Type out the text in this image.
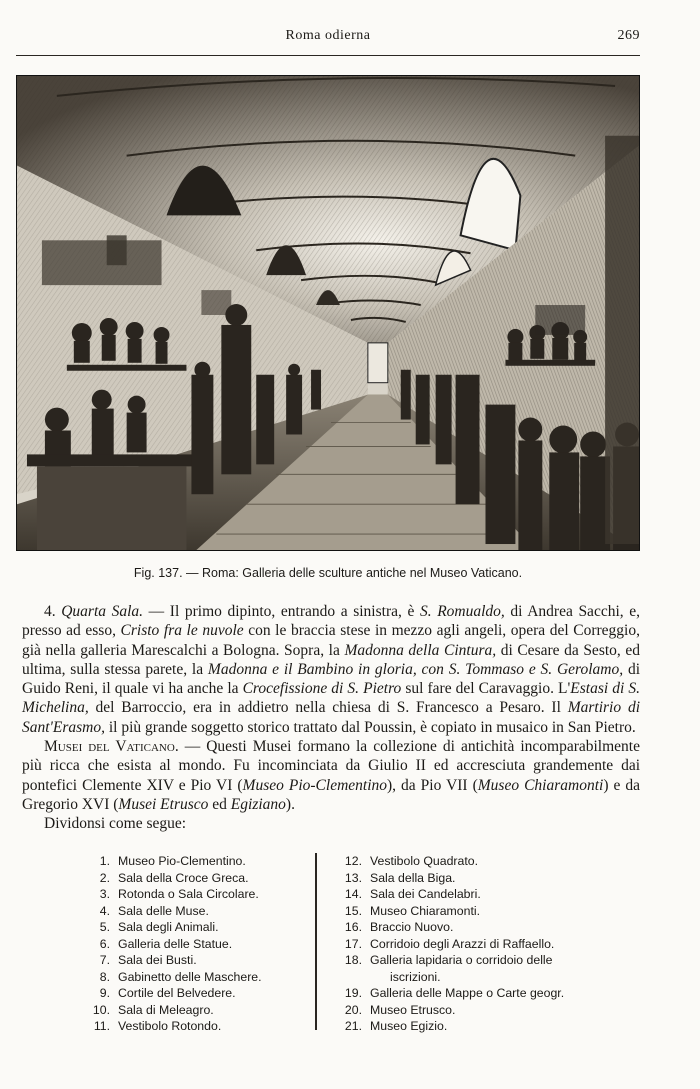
Roma odierna	269
Fig. 137. — Roma: Galleria delle sculture antiche nel Museo Vaticano.

4. Quarta Sala. — Il primo dipinto, entrando a sinistra, è S. Romualdo, di Andrea Sacchi, e, presso ad esso, Cristo fra le nuvole con le braccia stese in mezzo agli angeli, opera del Correggio, già nella galleria Marescalchi a Bologna. Sopra, la Madonna della Cintura, di Cesare da Sesto, ed ultima, sulla stessa parete, la Madonna e il Bambino in gloria, con S. Tommaso e S. Gerolamo, di Guido Reni, il quale vi ha anche la Crocefissione di S. Pietro sul fare del Caravaggio. L'Estasi di S. Michelina, del Barroccio, era in addietro nella chiesa di S. Francesco a Pesaro. Il Martirio di Sant'Erasmo, il più grande soggetto storico trattato dal Poussin, è copiato in musaico in San Pietro.

Musei del Vaticano. — Questi Musei formano la collezione di antichità incomparabilmente più ricca che esista al mondo. Fu incominciata da Giulio II ed accresciuta grandemente dai pontefici Clemente XIV e Pio VI (Museo Pio-Clementino), da Pio VII (Museo Chiaramonti) e da Gregorio XVI (Musei Etrusco ed Egiziano).

Dividonsi come segue:

1. Museo Pio-Clementino.
2. Sala della Croce Greca.
3. Rotonda o Sala Circolare.
4. Sala delle Muse.
5. Sala degli Animali.
6. Galleria delle Statue.
7. Sala dei Busti.
8. Gabinetto delle Maschere.
9. Cortile del Belvedere.
10. Sala di Meleagro.
11. Vestibolo Rotondo.
12. Vestibolo Quadrato.
13. Sala della Biga.
14. Sala dei Candelabri.
15. Museo Chiaramonti.
16. Braccio Nuovo.
17. Corridoio degli Arazzi di Raffaello.
18. Galleria lapidaria o corridoio delle
iscrizioni.
19. Galleria delle Mappe o Carte geogr.
20. Museo Etrusco.
21. Museo Egizio.
